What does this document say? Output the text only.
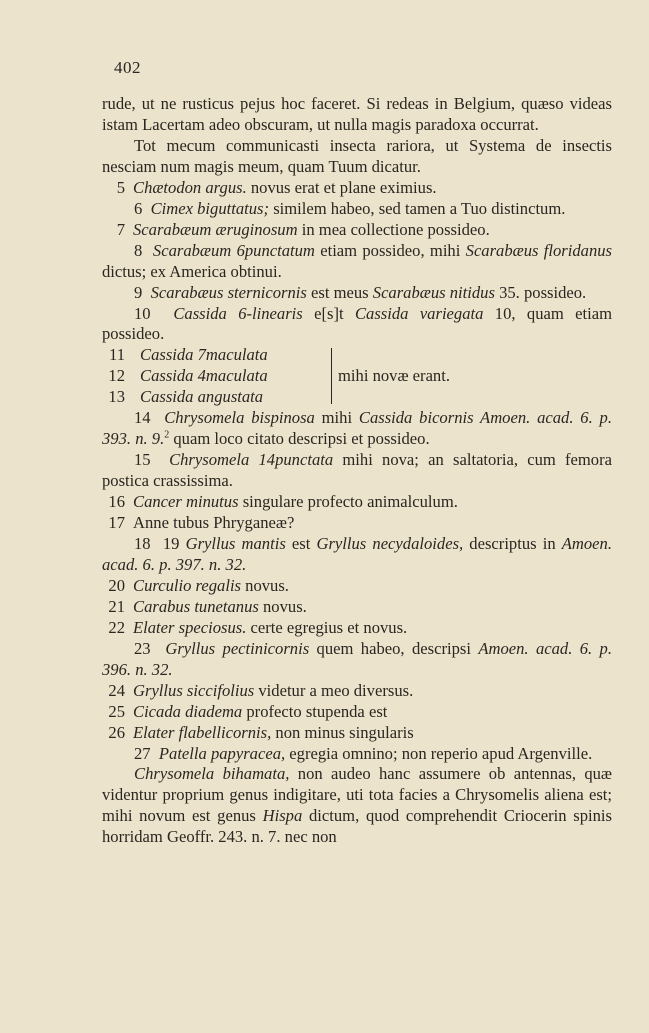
402

rude, ut ne rusticus pejus hoc faceret. Si redeas in Belgium, quæso videas istam Lacertam adeo obscuram, ut nulla magis paradoxa occurrat.

Tot mecum communicasti insecta rariora, ut Systema de insectis nesciam num magis meum, quam Tuum dicatur.

5 Chætodon argus. novus erat et plane eximius.

6 Cimex biguttatus; similem habeo, sed tamen a Tuo distinctum.

7 Scarabæum æruginosum in mea collectione possideo.

8 Scarabæum 6punctatum etiam possideo, mihi Scarabæus floridanus dictus; ex America obtinui.

9 Scarabæus sternicornis est meus Scarabæus nitidus 35. possideo.

10 Cassida 6-linearis e[s]t Cassida variegata 10, quam etiam possideo.

11 Cassida 7maculata
12 Cassida 4maculata
13 Cassida angustata
mihi novæ erant.

14 Chrysomela bispinosa mihi Cassida bicornis Amoen. acad. 6. p. 393. n. 9.$^2$ quam loco citato descripsi et possideo.

15 Chrysomela 14punctata mihi nova; an saltatoria, cum femora postica crassissima.

16 Cancer minutus singulare profecto animalculum.

17 Anne tubus Phryganeæ?

18 19 Gryllus mantis est Gryllus necydaloides, descriptus in Amoen. acad. 6. p. 397. n. 32.

20 Curculio regalis novus.

21 Carabus tunetanus novus.

22 Elater speciosus. certe egregius et novus.

23 Gryllus pectinicornis quem habeo, descripsi Amoen. acad. 6. p. 396. n. 32.

24 Gryllus siccifolius videtur a meo diversus.

25 Cicada diadema profecto stupenda est

26 Elater flabellicornis, non minus singularis

27 Patella papyracea, egregia omnino; non reperio apud Argenville.

Chrysomela bihamata, non audeo hanc assumere ob antennas, quæ videntur proprium genus indigitare, uti tota facies a Chrysomelis aliena est; mihi novum est genus Hispa dictum, quod comprehendit Criocerin spinis horridam Geoffr. 243. n. 7. nec non
